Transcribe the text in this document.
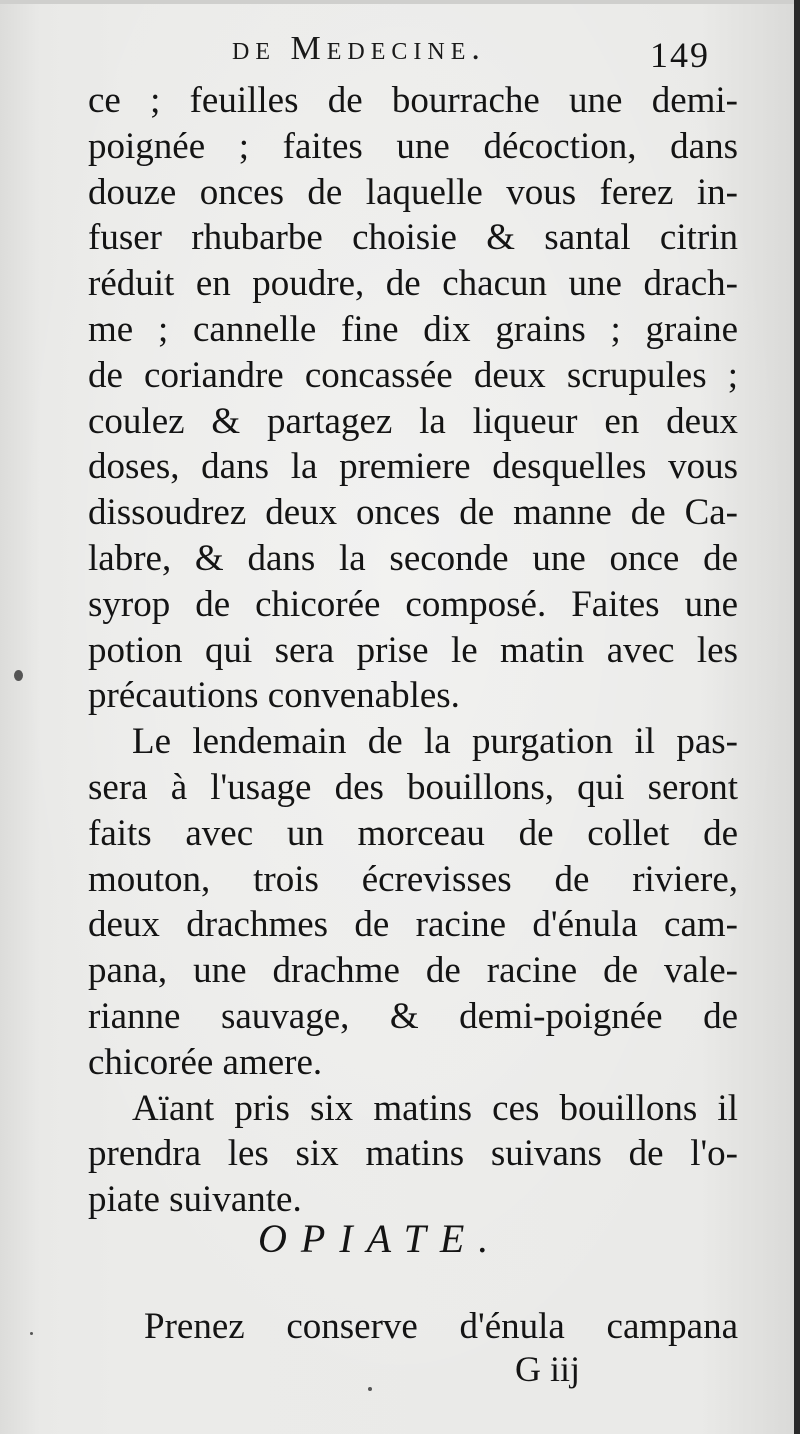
de Medecine.	149
ce ; feuilles de bourrache une demi-
poignée ; faites une décoction, dans
douze onces de laquelle vous ferez in-
fuser rhubarbe choisie & santal citrin
réduit en poudre, de chacun une drach-
me ; cannelle fine dix grains ; graine
de coriandre concassée deux scrupules ;
coulez & partagez la liqueur en deux
doses, dans la premiere desquelles vous
dissoudrez deux onces de manne de Ca-
labre, & dans la seconde une once de
syrop de chicorée composé. Faites une
potion qui sera prise le matin avec les
précautions convenables.
Le lendemain de la purgation il pas-
sera à l'usage des bouillons, qui seront
faits avec un morceau de collet de
mouton, trois écrevisses de riviere,
deux drachmes de racine d'énula cam-
pana, une drachme de racine de vale-
rianne sauvage, & demi-poignée de
chicorée amere.
Aïant pris six matins ces bouillons il
prendra les six matins suivans de l'o-
piate suivante.
OPIATE.
Prenez conserve d'énula campana
G iij
